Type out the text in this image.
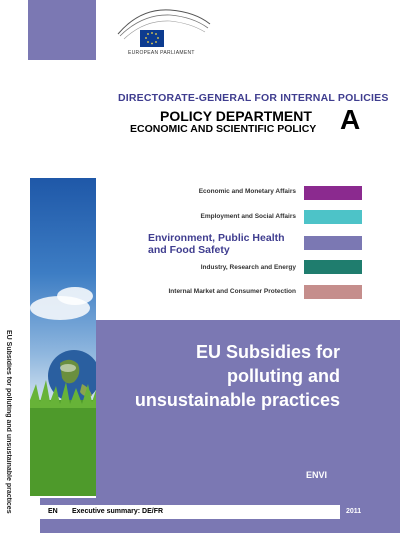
EU Subsidies for polluting and unsustainable practices
EUROPEAN PARLIAMENT
DIRECTORATE-GENERAL FOR INTERNAL POLICIES
POLICY DEPARTMENT
ECONOMIC AND SCIENTIFIC POLICY A
Economic and Monetary Affairs
Employment and Social Affairs
Environment, Public Health and Food Safety
Industry, Research and Energy
Internal Market and Consumer Protection
EU Subsidies for polluting and unsustainable practices
ENVI
EN Executive summary: DE/FR	2011
